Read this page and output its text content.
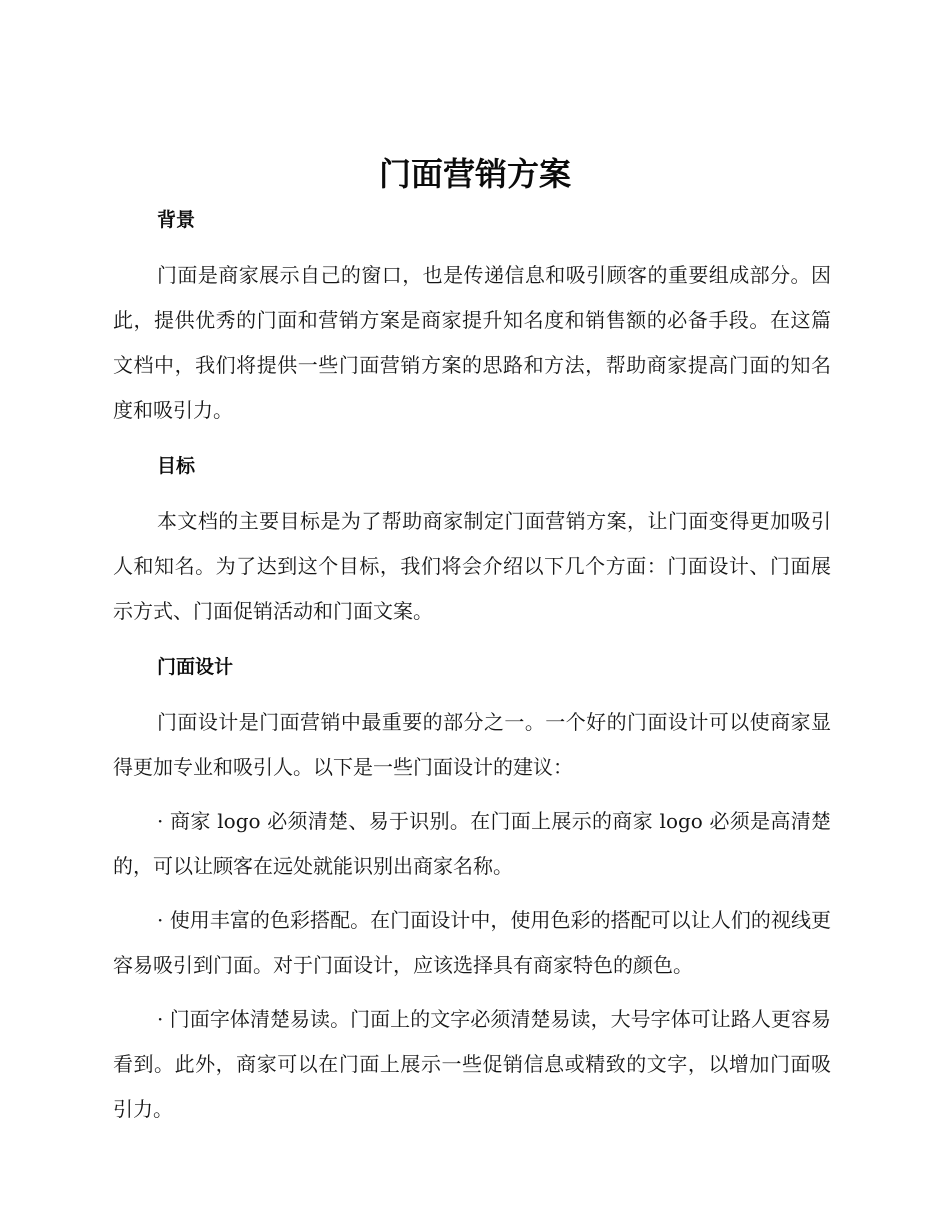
门面营销方案
背景

门面是商家展示自己的窗口，也是传递信息和吸引顾客的重要组成部分。因此，提供优秀的门面和营销方案是商家提升知名度和销售额的必备手段。在这篇文档中，我们将提供一些门面营销方案的思路和方法，帮助商家提高门面的知名度和吸引力。

目标

本文档的主要目标是为了帮助商家制定门面营销方案，让门面变得更加吸引人和知名。为了达到这个目标，我们将会介绍以下几个方面：门面设计、门面展示方式、门面促销活动和门面文案。

门面设计

门面设计是门面营销中最重要的部分之一。一个好的门面设计可以使商家显得更加专业和吸引人。以下是一些门面设计的建议：

· 商家 logo 必须清楚、易于识别。在门面上展示的商家 logo 必须是高清楚的，可以让顾客在远处就能识别出商家名称。

· 使用丰富的色彩搭配。在门面设计中，使用色彩的搭配可以让人们的视线更容易吸引到门面。对于门面设计，应该选择具有商家特色的颜色。

· 门面字体清楚易读。门面上的文字必须清楚易读，大号字体可让路人更容易看到。此外，商家可以在门面上展示一些促销信息或精致的文字，以增加门面吸引力。
